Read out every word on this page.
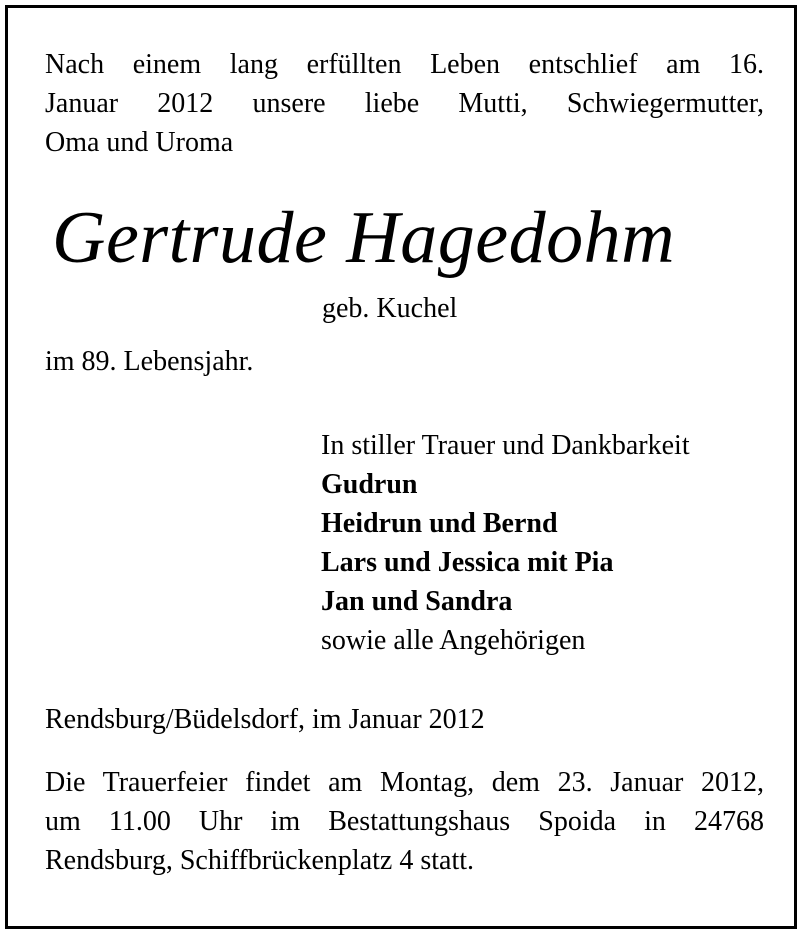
Nach einem lang erfüllten Leben entschlief am 16.
Januar 2012 unsere liebe Mutti, Schwiegermutter,
Oma und Uroma
Gertrude Hagedohm
geb. Kuchel
im 89. Lebensjahr.
In stiller Trauer und Dankbarkeit
Gudrun
Heidrun und Bernd
Lars und Jessica mit Pia
Jan und Sandra
sowie alle Angehörigen
Rendsburg/Büdelsdorf, im Januar 2012
Die Trauerfeier findet am Montag, dem 23. Januar 2012,
um 11.00 Uhr im Bestattungshaus Spoida in 24768
Rendsburg, Schiffbrückenplatz 4 statt.
